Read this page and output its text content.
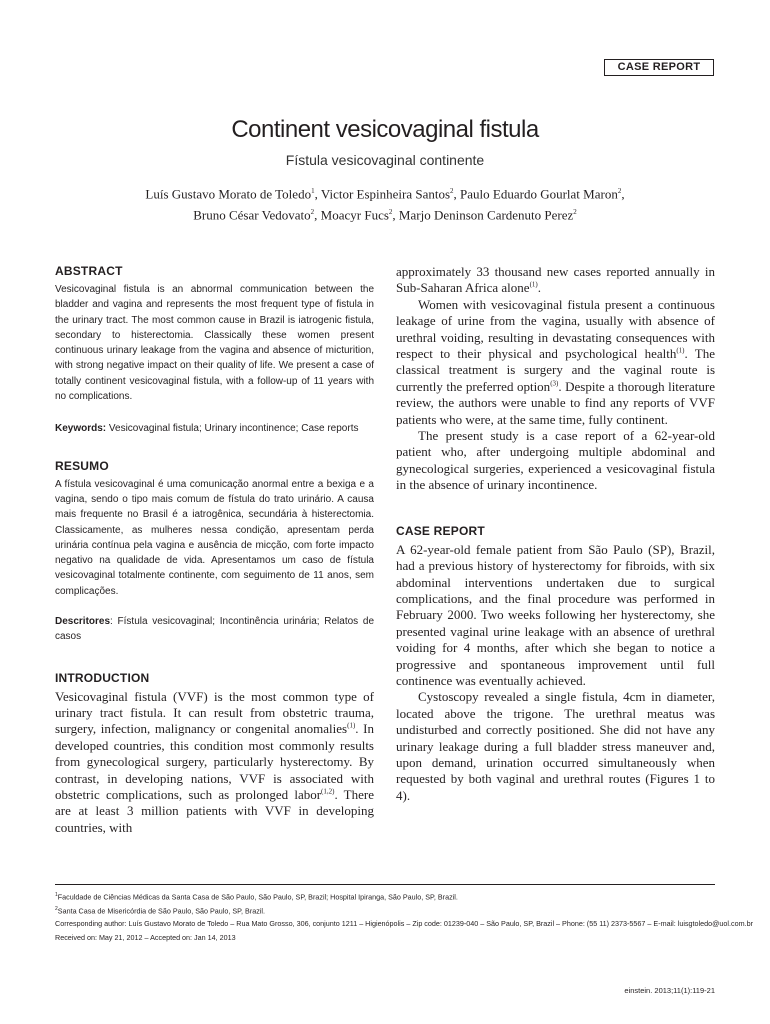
CASE REPORT
Continent vesicovaginal fistula
Fístula vesicovaginal continente
Luís Gustavo Morato de Toledo$^1$, Victor Espinheira Santos$^2$, Paulo Eduardo Gourlat Maron$^2$,
Bruno César Vedovato$^2$, Moacyr Fucs$^2$, Marjo Deninson Cardenuto Perez$^2$
ABSTRACT

Vesicovaginal fistula is an abnormal communication between the bladder and vagina and represents the most frequent type of fistula in the urinary tract. The most common cause in Brazil is iatrogenic fistula, secondary to histerectomia. Classically these women present continuous urinary leakage from the vagina and absence of micturition, with strong negative impact on their quality of life. We present a case of totally continent vesicovaginal fistula, with a follow-up of 11 years with no complications.

Keywords: Vesicovaginal fistula; Urinary incontinence; Case reports

RESUMO

A fístula vesicovaginal é uma comunicação anormal entre a bexiga e a vagina, sendo o tipo mais comum de fístula do trato urinário. A causa mais frequente no Brasil é a iatrogênica, secundária à histerectomia. Classicamente, as mulheres nessa condição, apresentam perda urinária contínua pela vagina e ausência de micção, com forte impacto negativo na qualidade de vida. Apresentamos um caso de fístula vesicovaginal totalmente continente, com seguimento de 11 anos, sem complicações.

Descritores: Fístula vesicovaginal; Incontinência urinária; Relatos de casos

INTRODUCTION

Vesicovaginal fistula (VVF) is the most common type of urinary tract fistula. It can result from obstetric trauma, surgery, infection, malignancy or congenital anomalies$^{(1)}$. In developed countries, this condition most commonly results from gynecological surgery, particularly hysterectomy. By contrast, in developing nations, VVF is associated with obstetric complications, such as prolonged labor$^{(1,2)}$. There are at least 3 million patients with VVF in developing countries, with

approximately 33 thousand new cases reported annually in Sub-Saharan Africa alone$^{(1)}$.

Women with vesicovaginal fistula present a continuous leakage of urine from the vagina, usually with absence of urethral voiding, resulting in devastating consequences with respect to their physical and psychological health$^{(1)}$. The classical treatment is surgery and the vaginal route is currently the preferred option$^{(3)}$. Despite a thorough literature review, the authors were unable to find any reports of VVF patients who were, at the same time, fully continent.

The present study is a case report of a 62-year-old patient who, after undergoing multiple abdominal and gynecological surgeries, experienced a vesicovaginal fistula in the absence of urinary incontinence.

CASE REPORT

A 62-year-old female patient from São Paulo (SP), Brazil, had a previous history of hysterectomy for fibroids, with six abdominal interventions undertaken due to surgical complications, and the final procedure was performed in February 2000. Two weeks following her hysterectomy, she presented vaginal urine leakage with an absence of urethral voiding for 4 months, after which she began to notice a progressive and spontaneous improvement until full continence was eventually achieved.

Cystoscopy revealed a single fistula, 4cm in diameter, located above the trigone. The urethral meatus was undisturbed and correctly positioned. She did not have any urinary leakage during a full bladder stress maneuver and, upon demand, urination occurred simultaneously when requested by both vaginal and urethral routes (Figures 1 to 4).

$^1$Faculdade de Ciências Médicas da Santa Casa de São Paulo, São Paulo, SP, Brazil; Hospital Ipiranga, São Paulo, SP, Brazil.
$^2$Santa Casa de Misericórdia de São Paulo, São Paulo, SP, Brazil.
Corresponding author: Luís Gustavo Morato de Toledo – Rua Mato Grosso, 306, conjunto 1211 – Higienópolis – Zip code: 01239-040 – São Paulo, SP, Brazil – Phone: (55 11) 2373-5567 – E-mail: luisgtoledo@uol.com.br
Received on: May 21, 2012 – Accepted on: Jan 14, 2013
einstein. 2013;11(1):119-21
